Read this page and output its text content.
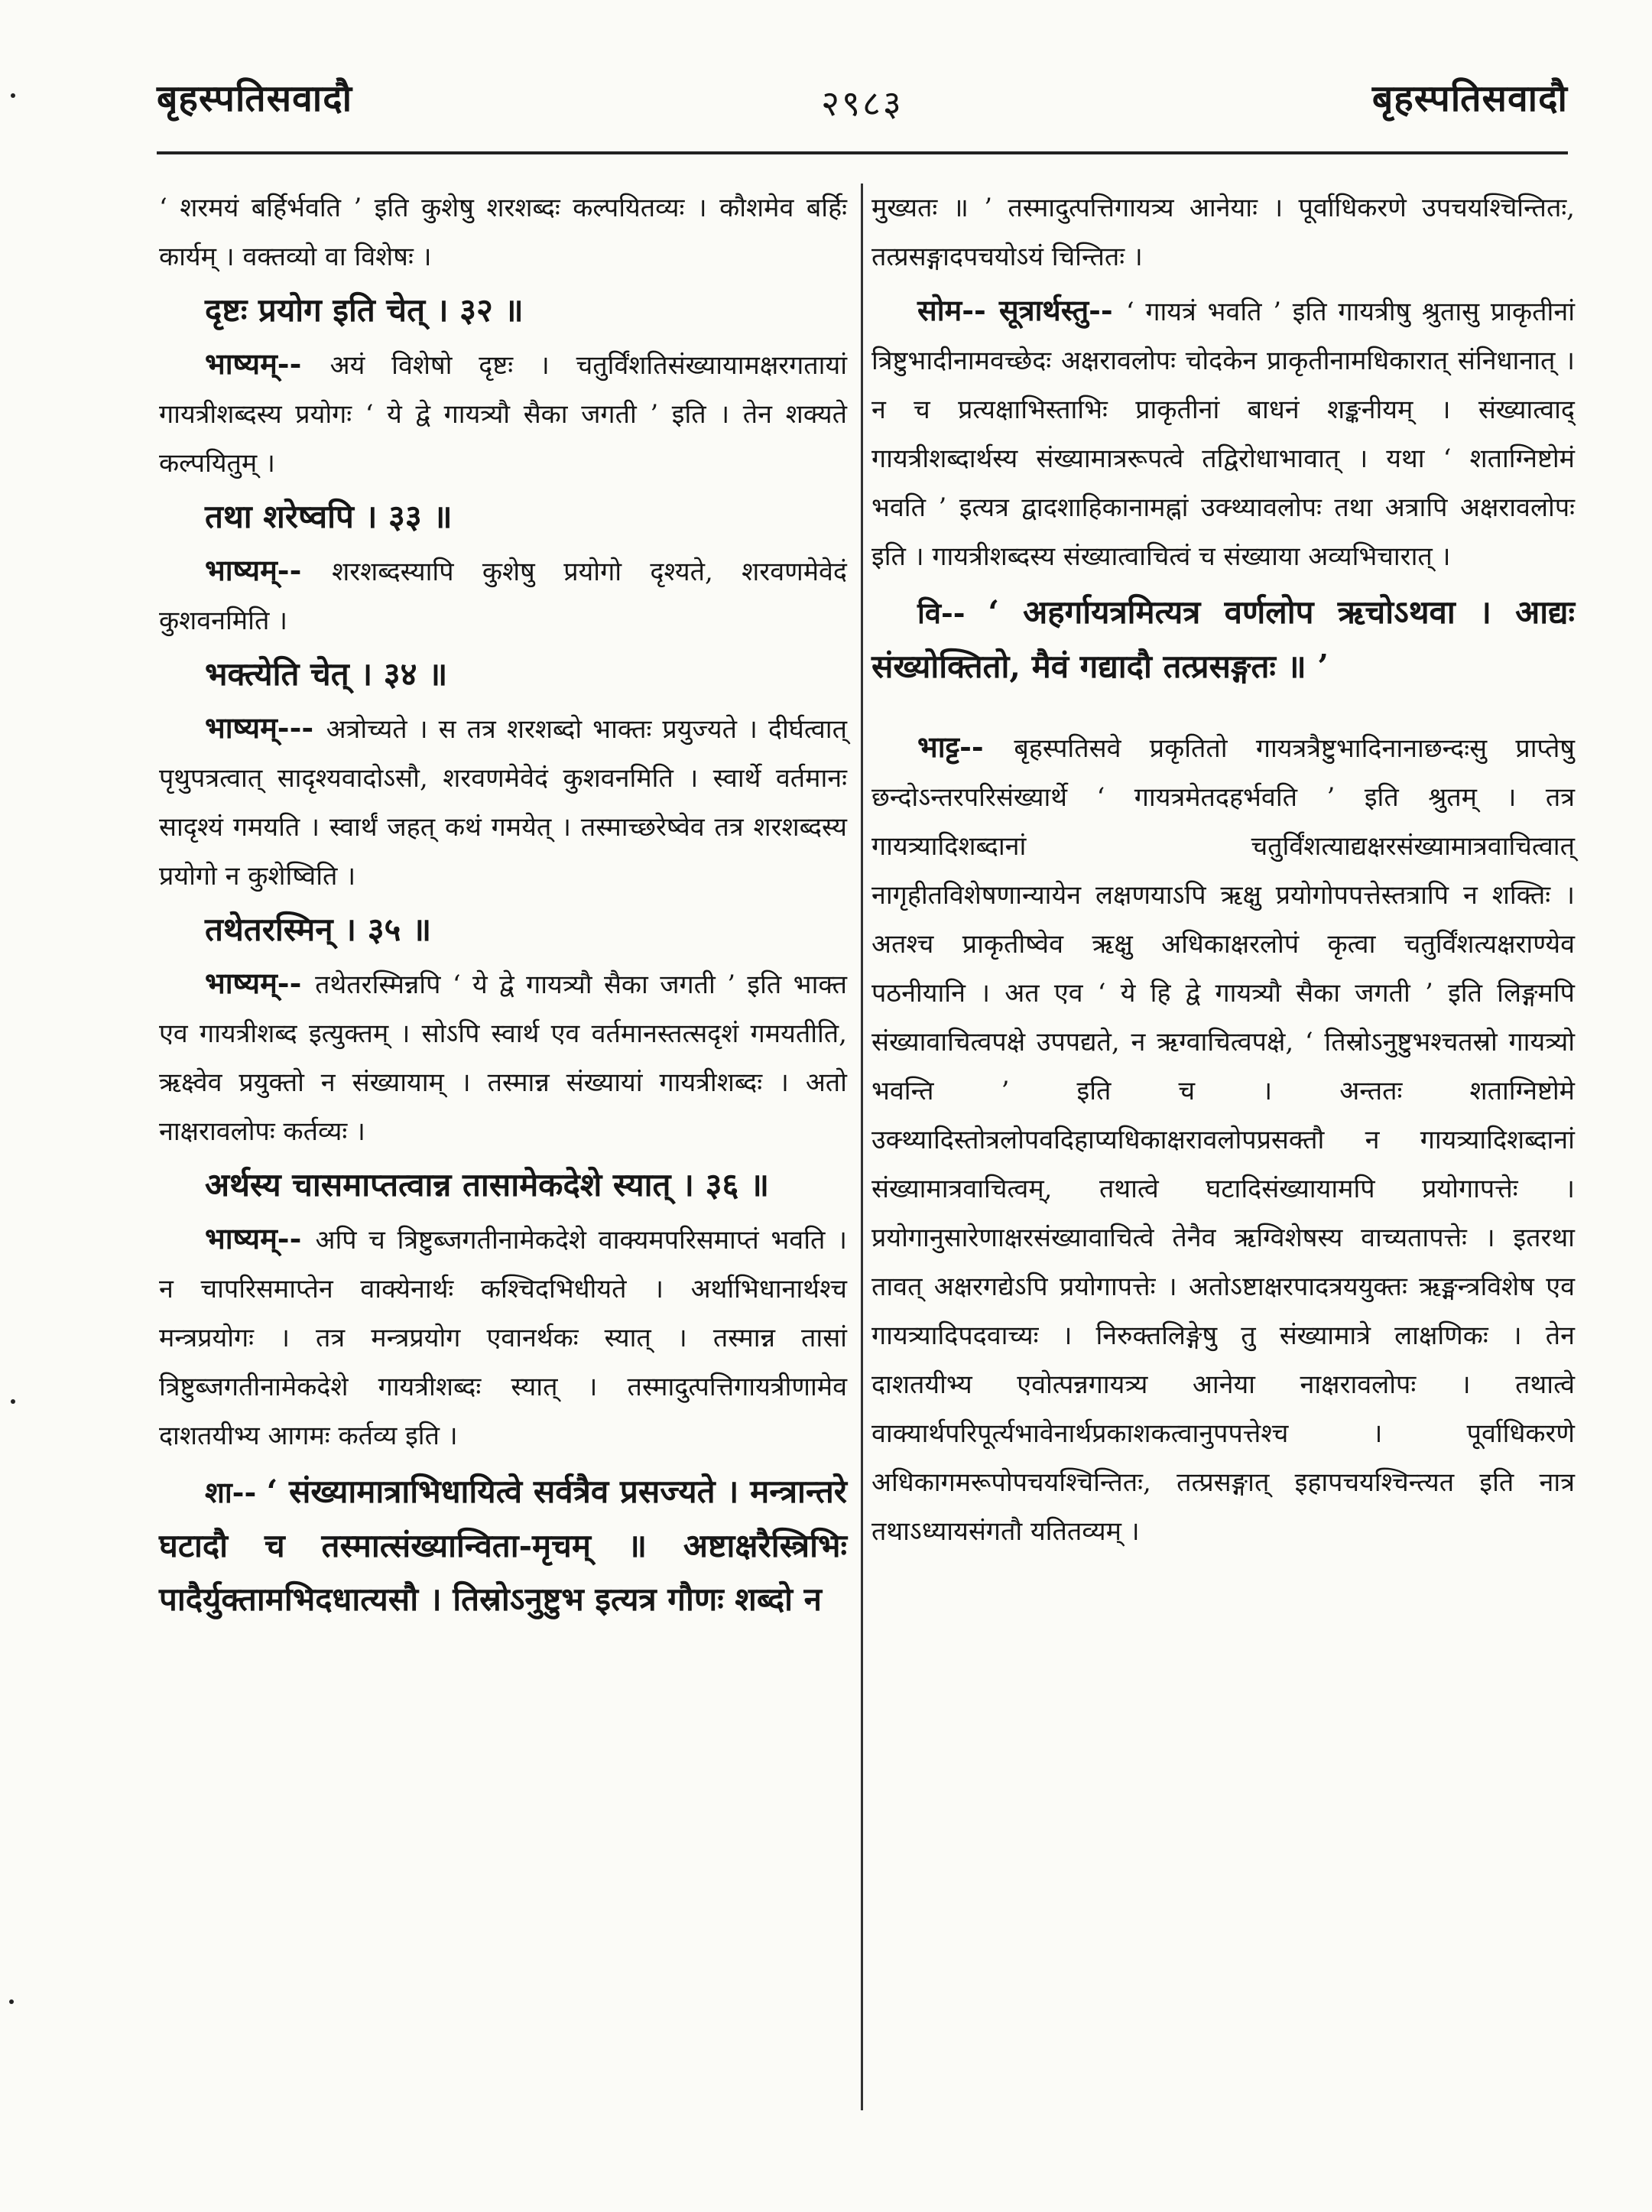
बृहस्पतिसवादौ	२९८३	बृहस्पतिसवादौ

‘ शरमयं बर्हिर्भवति ’ इति कुशेषु शरशब्दः कल्पयितव्यः । कौशमेव बर्हिः कार्यम् । वक्तव्यो वा विशेषः ।

दृष्टः प्रयोग इति चेत् । ३२ ॥

भाष्यम्-- अयं विशेषो दृष्टः । चतुर्विंशतिसंख्यायामक्षरगतायां गायत्रीशब्दस्य प्रयोगः ‘ ये द्वे गायत्र्यौ सैका जगती ’ इति । तेन शक्यते कल्पयितुम् ।

तथा शरेष्वपि । ३३ ॥

भाष्यम्-- शरशब्दस्यापि कुशेषु प्रयोगो दृश्यते, शरवणमेवेदं कुशवनमिति ।

भक्त्येति चेत् । ३४ ॥

भाष्यम्--- अत्रोच्यते । स तत्र शरशब्दो भाक्तः प्रयुज्यते । दीर्घत्वात् पृथुपत्रत्वात् सादृश्यवादोऽसौ, शरवणमेवेदं कुशवनमिति । स्वार्थे वर्तमानः सादृश्यं गमयति । स्वार्थं जहत् कथं गमयेत् । तस्माच्छरेष्वेव तत्र शरशब्दस्य प्रयोगो न कुशेष्विति ।

तथेतरस्मिन् । ३५ ॥

भाष्यम्-- तथेतरस्मिन्नपि ‘ ये द्वे गायत्र्यौ सैका जगती ’ इति भाक्त एव गायत्रीशब्द इत्युक्तम् । सोऽपि स्वार्थ एव वर्तमानस्तत्सदृशं गमयतीति, ऋक्ष्वेव प्रयुक्तो न संख्यायाम् । तस्मान्न संख्यायां गायत्रीशब्दः । अतो नाक्षरावलोपः कर्तव्यः ।

अर्थस्य चासमाप्तत्वान्न तासामेकदेशे स्यात् । ३६ ॥

भाष्यम्-- अपि च त्रिष्टुब्जगतीनामेकदेशे वाक्यमपरिसमाप्तं भवति । न चापरिसमाप्तेन वाक्येनार्थः कश्चिदभिधीयते । अर्थाभिधानार्थश्च मन्त्रप्रयोगः । तत्र मन्त्रप्रयोग एवानर्थकः स्यात् । तस्मान्न तासां त्रिष्टुब्जगतीनामेकदेशे गायत्रीशब्दः स्यात् । तस्मादुत्पत्तिगायत्रीणामेव दाशतयीभ्य आगमः कर्तव्य इति ।

शा-- ‘ संख्यामात्राभिधायित्वे सर्वत्रैव प्रसज्यते । मन्त्रान्तरे घटादौ च तस्मात्संख्यान्विता-मृचम् ॥ अष्टाक्षरैस्त्रिभिः पादैर्युक्तामभिदधात्यसौ । तिस्रोऽनुष्टुभ इत्यत्र गौणः शब्दो न

मुख्यतः ॥ ’ तस्मादुत्पत्तिगायत्र्य आनेयाः । पूर्वाधिकरणे उपचयश्चिन्तितः, तत्प्रसङ्गादपचयोऽयं चिन्तितः ।

सोम-- सूत्रार्थस्तु-- ‘ गायत्रं भवति ’ इति गायत्रीषु श्रुतासु प्राकृतीनां त्रिष्टुभादीनामवच्छेदः अक्षरावलोपः चोदकेन प्राकृतीनामधिकारात् संनिधानात् । न च प्रत्यक्षाभिस्ताभिः प्राकृतीनां बाधनं शङ्कनीयम् । संख्यात्वाद् गायत्रीशब्दार्थस्य संख्यामात्ररूपत्वे तद्विरोधाभावात् । यथा ‘ शताग्निष्टोमं भवति ’ इत्यत्र द्वादशाहिकानामह्नां उक्थ्यावलोपः तथा अत्रापि अक्षरावलोपः इति । गायत्रीशब्दस्य संख्यात्वाचित्वं च संख्याया अव्यभिचारात् ।

वि-- ‘ अहर्गायत्रमित्यत्र वर्णलोप ऋचोऽथवा । आद्यः संख्योक्तितो, मैवं गद्यादौ तत्प्रसङ्गतः ॥ ’

भाट्ट-- बृहस्पतिसवे प्रकृतितो गायत्रत्रैष्टुभादिनानाछन्दःसु प्राप्तेषु छन्दोऽन्तरपरिसंख्यार्थे ‘ गायत्रमेतदहर्भवति ’ इति श्रुतम् । तत्र गायत्र्यादिशब्दानां चतुर्विंशत्याद्यक्षरसंख्यामात्रवाचित्वात् नागृहीतविशेषणान्यायेन लक्षणयाऽपि ऋक्षु प्रयोगोपपत्तेस्तत्रापि न शक्तिः । अतश्च प्राकृतीष्वेव ऋक्षु अधिकाक्षरलोपं कृत्वा चतुर्विंशत्यक्षराण्येव पठनीयानि । अत एव ‘ ये हि द्वे गायत्र्यौ सैका जगती ’ इति लिङ्गमपि संख्यावाचित्वपक्षे उपपद्यते, न ऋग्वाचित्वपक्षे, ‘ तिस्रोऽनुष्टुभश्चतस्रो गायत्र्यो भवन्ति ’ इति च । अन्ततः शताग्निष्टोमे उक्थ्यादिस्तोत्रलोपवदिहाप्यधिकाक्षरावलोपप्रसक्तौ न गायत्र्यादिशब्दानां संख्यामात्रवाचित्वम्, तथात्वे घटादिसंख्यायामपि प्रयोगापत्तेः । प्रयोगानुसारेणाक्षरसंख्यावाचित्वे तेनैव ऋग्विशेषस्य वाच्यतापत्तेः । इतरथा तावत् अक्षरगद्येऽपि प्रयोगापत्तेः । अतोऽष्टाक्षरपादत्रययुक्तः ऋङ्मन्त्रविशेष एव गायत्र्यादिपदवाच्यः । निरुक्तलिङ्गेषु तु संख्यामात्रे लाक्षणिकः । तेन दाशतयीभ्य एवोत्पन्नगायत्र्य आनेया नाक्षरावलोपः । तथात्वे वाक्यार्थपरिपूर्त्यभावेनार्थप्रकाशकत्वानुपपत्तेश्च । पूर्वाधिकरणे अधिकागमरूपोपचयश्चिन्तितः, तत्प्रसङ्गात् इहापचयश्चिन्त्यत इति नात्र तथाऽध्यायसंगतौ यतितव्यम् ।
